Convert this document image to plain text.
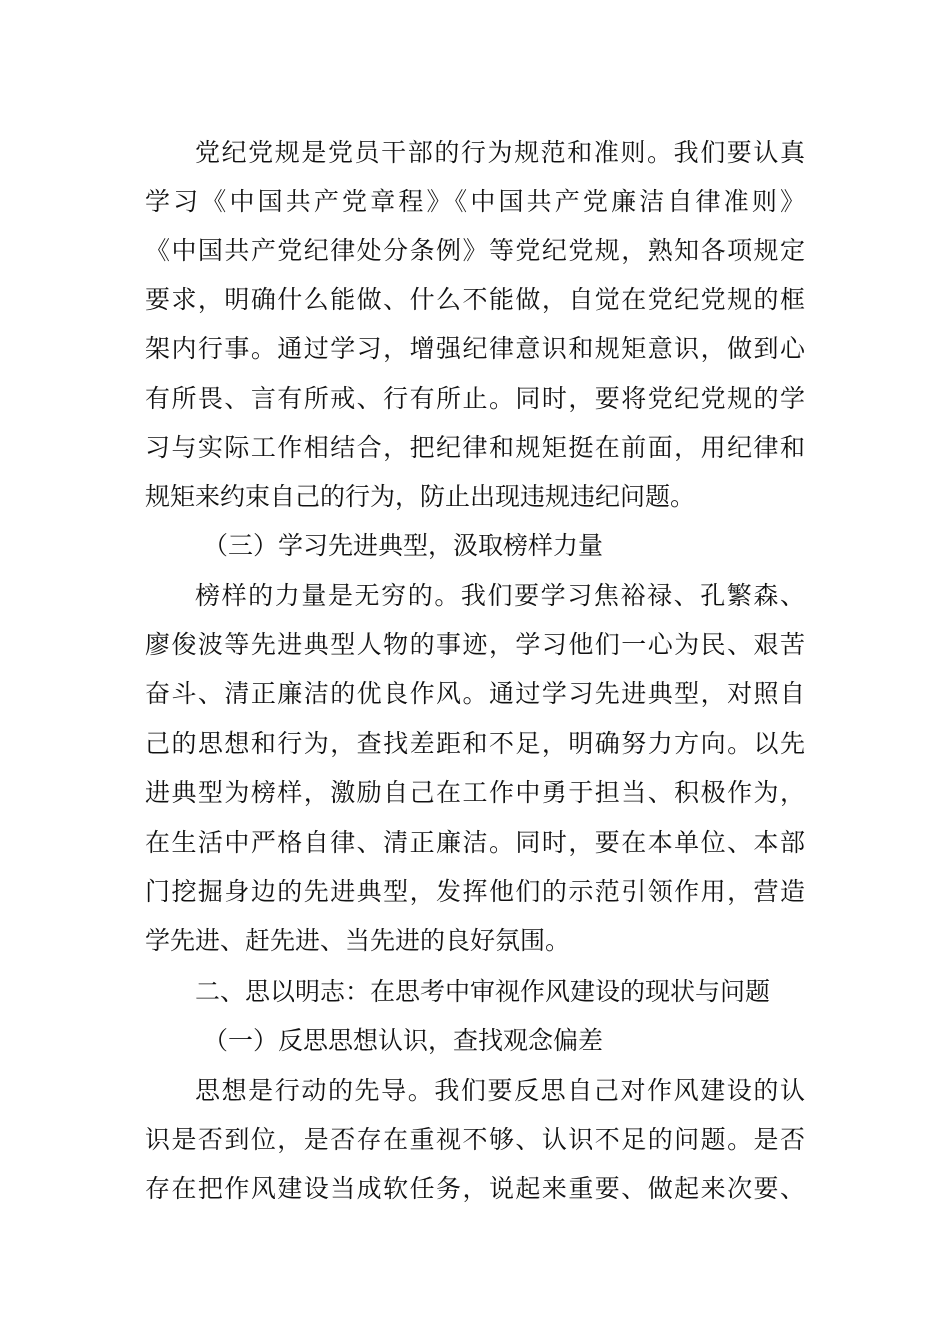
党纪党规是党员干部的行为规范和准则。我们要认真
学习《中国共产党章程》《中国共产党廉洁自律准则》
《中国共产党纪律处分条例》等党纪党规，熟知各项规定
要求，明确什么能做、什么不能做，自觉在党纪党规的框
架内行事。通过学习，增强纪律意识和规矩意识，做到心
有所畏、言有所戒、行有所止。同时，要将党纪党规的学
习与实际工作相结合，把纪律和规矩挺在前面，用纪律和
规矩来约束自己的行为，防止出现违规违纪问题。
（三）学习先进典型，汲取榜样力量
榜样的力量是无穷的。我们要学习焦裕禄、孔繁森、
廖俊波等先进典型人物的事迹，学习他们一心为民、艰苦
奋斗、清正廉洁的优良作风。通过学习先进典型，对照自
己的思想和行为，查找差距和不足，明确努力方向。以先
进典型为榜样，激励自己在工作中勇于担当、积极作为，
在生活中严格自律、清正廉洁。同时，要在本单位、本部
门挖掘身边的先进典型，发挥他们的示范引领作用，营造
学先进、赶先进、当先进的良好氛围。
二、思以明志：在思考中审视作风建设的现状与问题
（一）反思思想认识，查找观念偏差
思想是行动的先导。我们要反思自己对作风建设的认
识是否到位，是否存在重视不够、认识不足的问题。是否
存在把作风建设当成软任务，说起来重要、做起来次要、
